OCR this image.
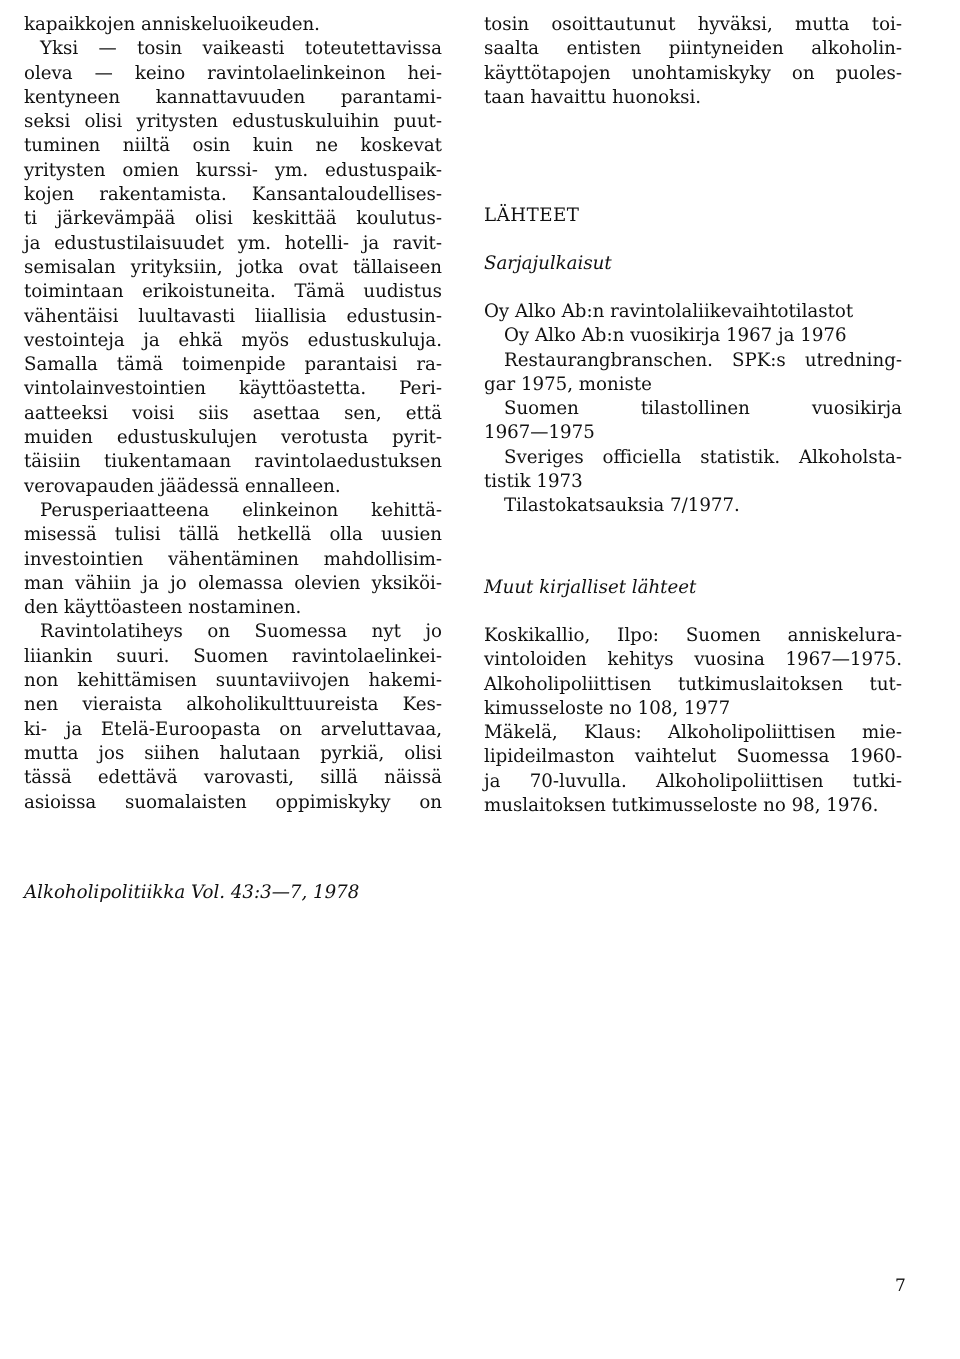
kapaikkojen anniskeluoikeuden.
Yksi — tosin vaikeasti toteutettavissa
oleva — keino ravintolaelinkeinon hei-
kentyneen kannattavuuden parantami-
seksi olisi yritysten edustuskuluihin puut-
tuminen niiltä osin kuin ne koskevat
yritysten omien kurssi- ym. edustuspaik-
kojen rakentamista. Kansantaloudellises-
ti järkevämpää olisi keskittää koulutus-
ja edustustilaisuudet ym. hotelli- ja ravit-
semisalan yrityksiin, jotka ovat tällaiseen
toimintaan erikoistuneita. Tämä uudistus
vähentäisi luultavasti liiallisia edustusin-
vestointeja ja ehkä myös edustuskuluja.
Samalla tämä toimenpide parantaisi ra-
vintolainvestointien käyttöastetta. Peri-
aatteeksi voisi siis asettaa sen, että
muiden edustuskulujen verotusta pyrit-
täisiin tiukentamaan ravintolaedustuksen
verovapauden jäädessä ennalleen.
Perusperiaatteena elinkeinon kehittä-
misessä tulisi tällä hetkellä olla uusien
investointien vähentäminen mahdollisim-
man vähiin ja jo olemassa olevien yksiköi-
den käyttöasteen nostaminen.
Ravintolatiheys on Suomessa nyt jo
liiankin suuri. Suomen ravintolaelinkei-
non kehittämisen suuntaviivojen hakemi-
nen vieraista alkoholikulttuureista Kes-
ki- ja Etelä-Euroopasta on arveluttavaa,
mutta jos siihen halutaan pyrkiä, olisi
tässä edettävä varovasti, sillä näissä
asioissa suomalaisten oppimiskyky on
tosin osoittautunut hyväksi, mutta toi-
saalta entisten piintyneiden alkoholin-
käyttötapojen unohtamiskyky on puoles-
taan havaittu huonoksi.
LÄHTEET
Sarjajulkaisut
Oy Alko Ab:n ravintolaliikevaihtotilastot
Oy Alko Ab:n vuosikirja 1967 ja 1976
Restaurangbranschen. SPK:s utredning-
gar 1975, moniste
Suomen tilastollinen vuosikirja
1967—1975
Sveriges officiella statistik. Alkoholsta-
tistik 1973
Tilastokatsauksia 7/1977.
Muut kirjalliset lähteet
Koskikallio, Ilpo: Suomen anniskelura-
vintoloiden kehitys vuosina 1967—1975.
Alkoholipoliittisen tutkimuslaitoksen tut-
kimusseloste no 108, 1977
Mäkelä, Klaus: Alkoholipoliittisen mie-
lipideilmaston vaihtelut Suomessa 1960-
ja 70-luvulla. Alkoholipoliittisen tutki-
muslaitoksen tutkimusseloste no 98, 1976.
Alkoholipolitiikka Vol. 43:3—7, 1978
7
